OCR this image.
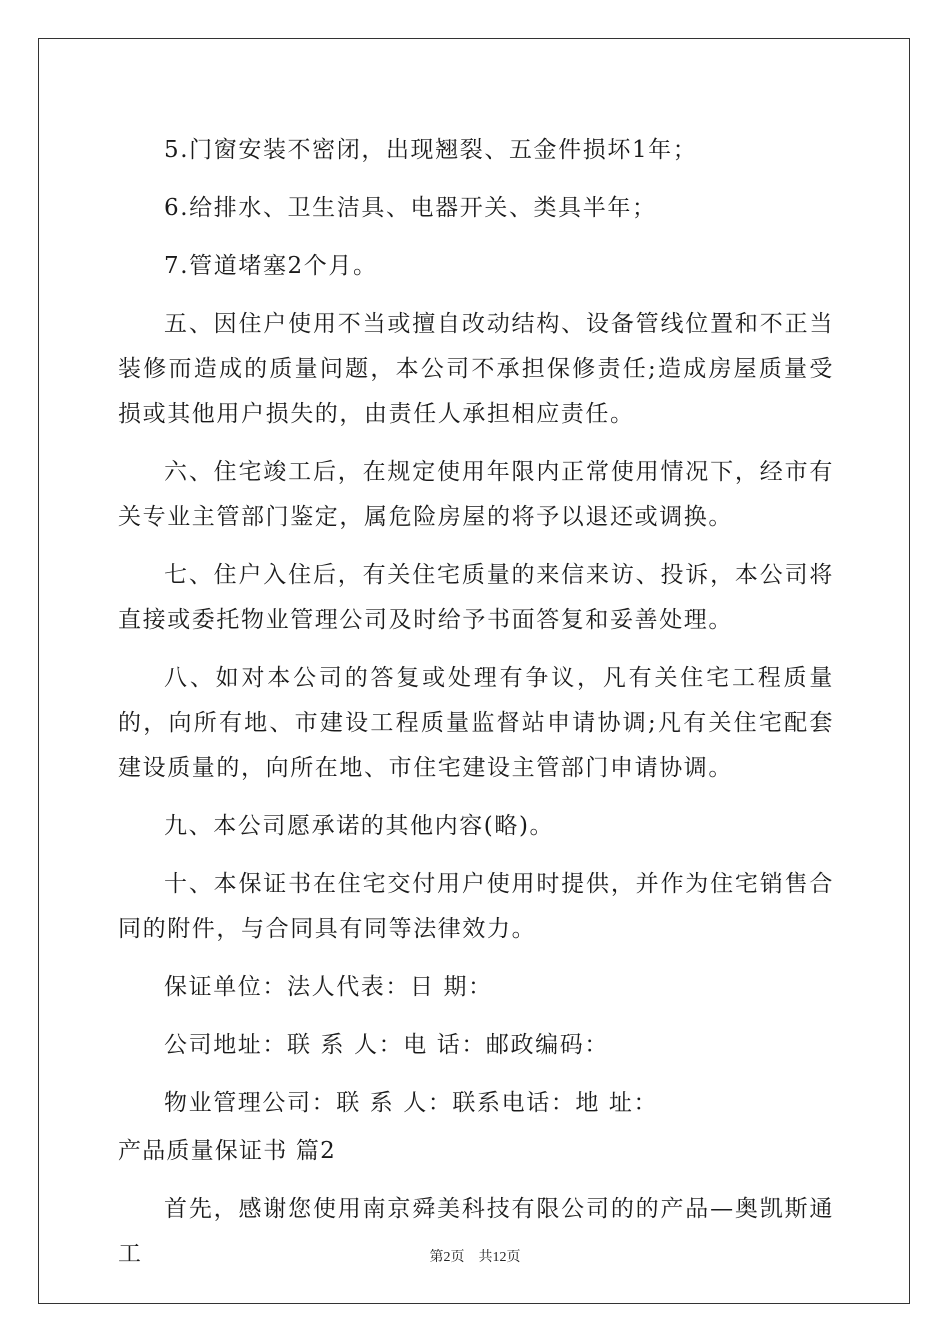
5.门窗安装不密闭，出现翘裂、五金件损坏1年；

6.给排水、卫生洁具、电器开关、类具半年；

7.管道堵塞2个月。

五、因住户使用不当或擅自改动结构、设备管线位置和不正当装修而造成的质量问题，本公司不承担保修责任;造成房屋质量受损或其他用户损失的，由责任人承担相应责任。

六、住宅竣工后，在规定使用年限内正常使用情况下，经市有关专业主管部门鉴定，属危险房屋的将予以退还或调换。

七、住户入住后，有关住宅质量的来信来访、投诉，本公司将直接或委托物业管理公司及时给予书面答复和妥善处理。

八、如对本公司的答复或处理有争议，凡有关住宅工程质量的，向所有地、市建设工程质量监督站申请协调;凡有关住宅配套建设质量的，向所在地、市住宅建设主管部门申请协调。

九、本公司愿承诺的其他内容(略)。

十、本保证书在住宅交付用户使用时提供，并作为住宅销售合同的附件，与合同具有同等法律效力。

保证单位：法人代表：日 期：

公司地址：联 系 人：电 话：邮政编码：

物业管理公司：联 系 人：联系电话：地 址：

产品质量保证书 篇2

首先，感谢您使用南京舜美科技有限公司的的产品—奥凯斯通工	第2页　共12页
